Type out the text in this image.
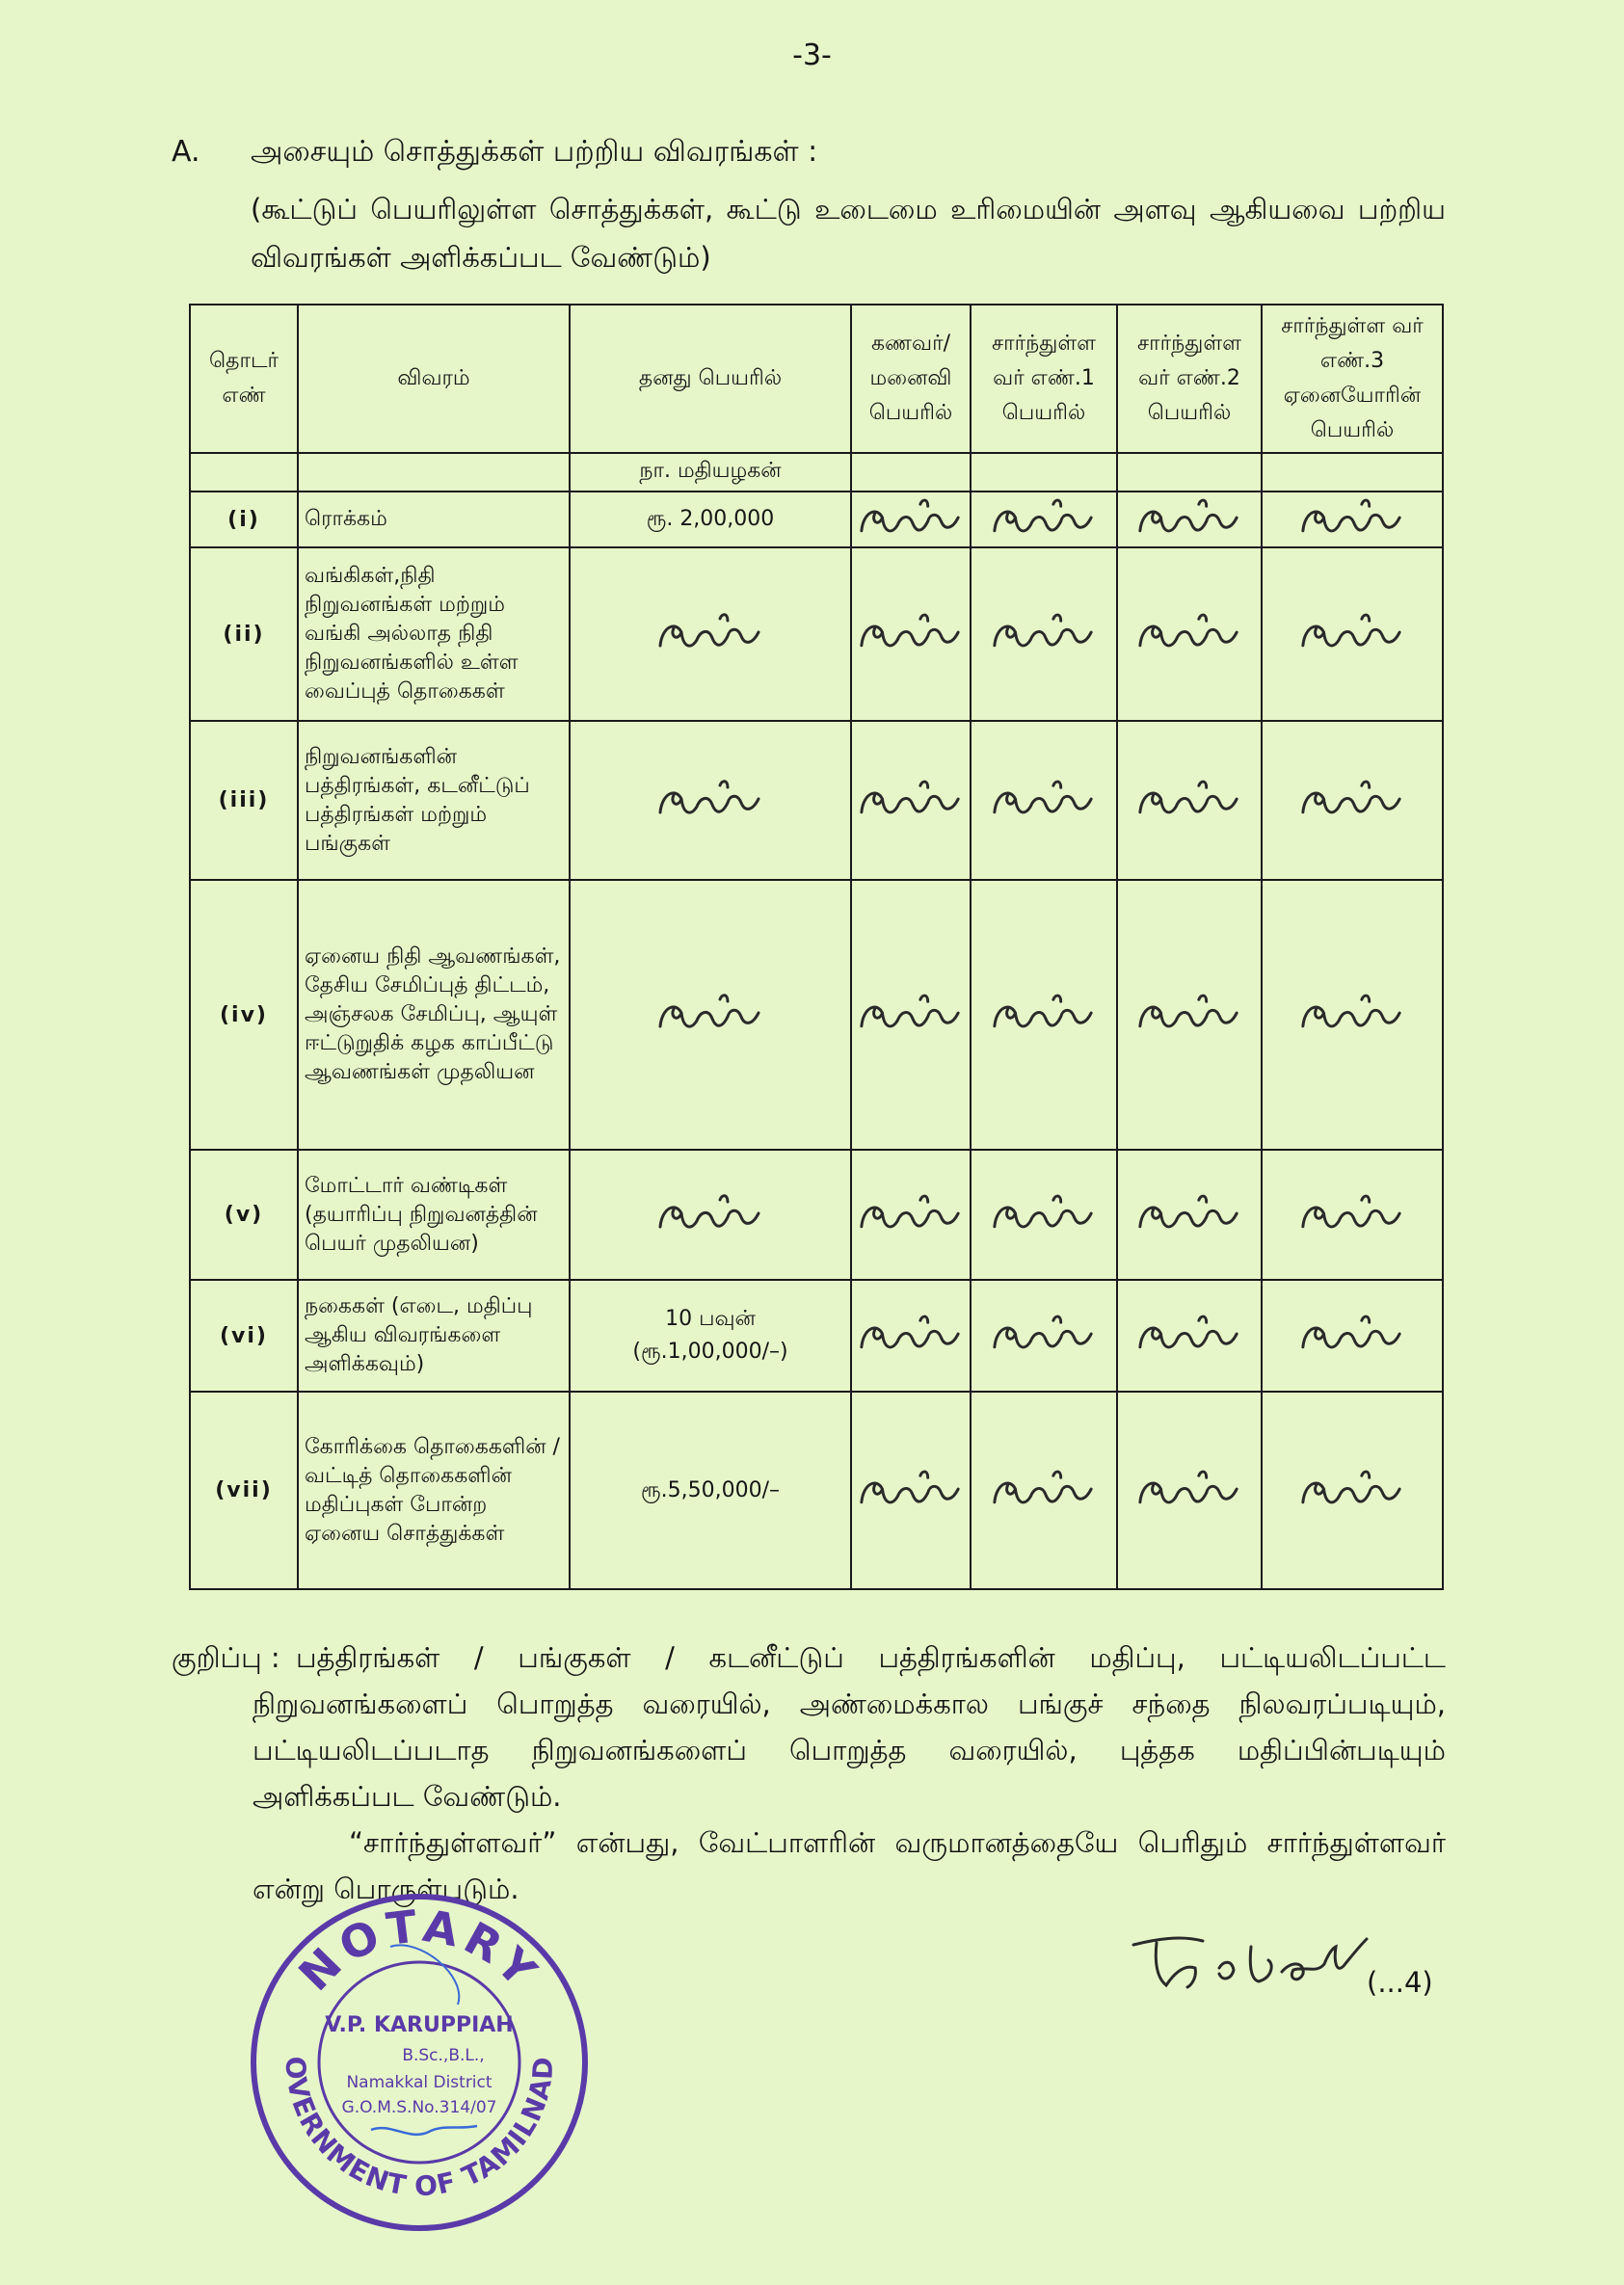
-3-
A. அசையும் சொத்துக்கள் பற்றிய விவரங்கள் :
(கூட்டுப் பெயரிலுள்ள சொத்துக்கள், கூட்டு உடைமை உரிமையின் அளவு ஆகியவை பற்றிய விவரங்கள் அளிக்கப்பட வேண்டும்)
தொடர் எண்	விவரம்	தனது பெயரில்	கணவர்/ மனைவி பெயரில்	சார்ந்துள்ள வர் எண்.1 பெயரில்	சார்ந்துள்ள வர் எண்.2 பெயரில்	சார்ந்துள்ள வர் எண்.3 ஏனையோரின் பெயரில்
		நா. மதியழகன்				
(i)	ரொக்கம்	ரூ. 2,00,000	

(ii)	வங்கிகள்,நிதி நிறுவனங்கள் மற்றும் வங்கி அல்லாத நிதி நிறுவனங்களில் உள்ள வைப்புத் தொகைகள்	

(iii)	நிறுவனங்களின் பத்திரங்கள், கடனீட்டுப் பத்திரங்கள் மற்றும் பங்குகள்	

(iv)	ஏனைய நிதி ஆவணங்கள், தேசிய சேமிப்புத் திட்டம், அஞ்சலக சேமிப்பு, ஆயுள் ஈட்டுறுதிக் கழக காப்பீட்டு ஆவணங்கள் முதலியன	

(v)	மோட்டார் வண்டிகள் (தயாரிப்பு நிறுவனத்தின் பெயர் முதலியன)	

(vi)	நகைகள் (எடை, மதிப்பு ஆகிய விவரங்களை அளிக்கவும்)	10 பவுன்
(ரூ.1,00,000/–)	

(vii)	கோரிக்கை தொகைகளின் / வட்டித் தொகைகளின் மதிப்புகள் போன்ற ஏனைய சொத்துக்கள்	ரூ.5,50,000/–	

குறிப்பு : பத்திரங்கள் / பங்குகள் / கடனீட்டுப் பத்திரங்களின் மதிப்பு, பட்டியலிடப்பட்ட நிறுவனங்களைப் பொறுத்த வரையில், அண்மைக்கால பங்குச் சந்தை நிலவரப்படியும், பட்டியலிடப்படாத நிறுவனங்களைப் பொறுத்த வரையில், புத்தக மதிப்பின்படியும் அளிக்கப்பட வேண்டும்.
“சார்ந்துள்ளவர்” என்பது, வேட்பாளரின் வருமானத்தையே பெரிதும் சார்ந்துள்ளவர் என்று பொருள்படும்.
(...4)
NOTARY
OVERNMENT OF TAMILNAD
V.P. KARUPPIAH
B.Sc.,B.L.,
Namakkal District
G.O.M.S.No.314/07
